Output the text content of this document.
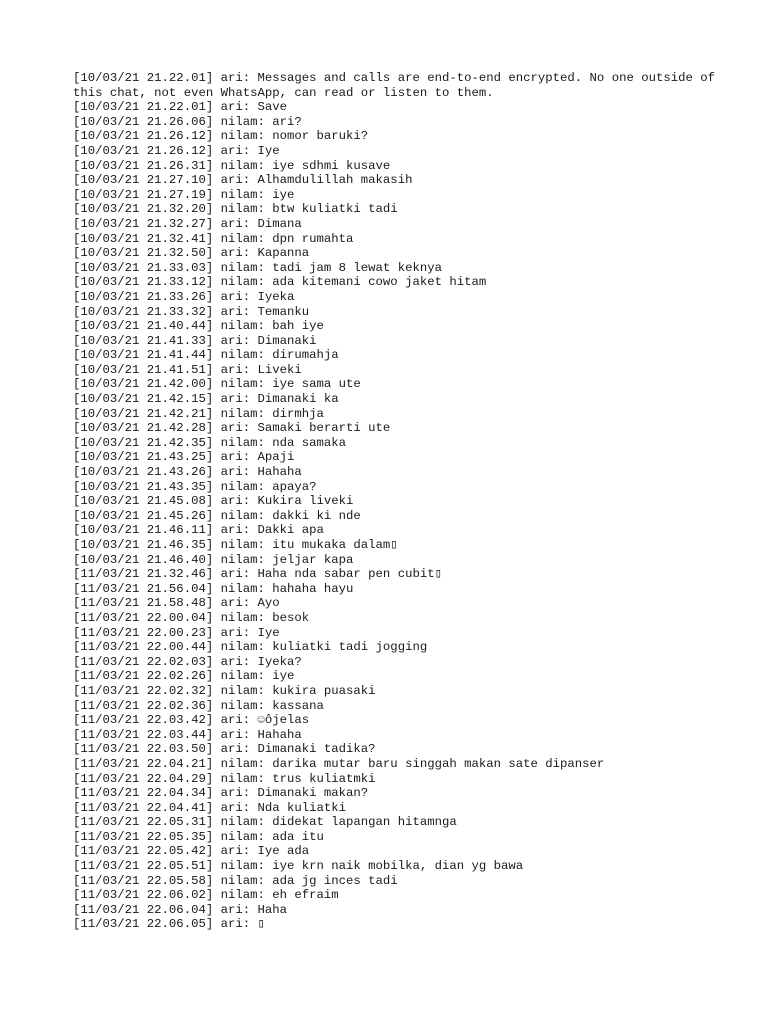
[10/03/21 21.22.01] ari: Messages and calls are end-to-end encrypted. No one outside of this chat, not even WhatsApp, can read or listen to them.
[10/03/21 21.22.01] ari: Save
[10/03/21 21.26.06] nilam: ari?
[10/03/21 21.26.12] nilam: nomor baruki?
[10/03/21 21.26.12] ari: Iye
[10/03/21 21.26.31] nilam: iye sdhmi kusave
[10/03/21 21.27.10] ari: Alhamdulillah makasih
[10/03/21 21.27.19] nilam: iye
[10/03/21 21.32.20] nilam: btw kuliatki tadi
[10/03/21 21.32.27] ari: Dimana
[10/03/21 21.32.41] nilam: dpn rumahta
[10/03/21 21.32.50] ari: Kapanna
[10/03/21 21.33.03] nilam: tadi jam 8 lewat keknya
[10/03/21 21.33.12] nilam: ada kitemani cowo jaket hitam
[10/03/21 21.33.26] ari: Iyeka
[10/03/21 21.33.32] ari: Temanku
[10/03/21 21.40.44] nilam: bah iye
[10/03/21 21.41.33] ari: Dimanaki
[10/03/21 21.41.44] nilam: dirumahja
[10/03/21 21.41.51] ari: Liveki
[10/03/21 21.42.00] nilam: iye sama ute
[10/03/21 21.42.15] ari: Dimanaki ka
[10/03/21 21.42.21] nilam: dirmhja
[10/03/21 21.42.28] ari: Samaki berarti ute
[10/03/21 21.42.35] nilam: nda samaka
[10/03/21 21.43.25] ari: Apaji
[10/03/21 21.43.26] ari: Hahaha
[10/03/21 21.43.35] nilam: apaya?
[10/03/21 21.45.08] ari: Kukira liveki
[10/03/21 21.45.26] nilam: dakki ki nde
[10/03/21 21.46.11] ari: Dakki apa
[10/03/21 21.46.35] nilam: itu mukaka dalam▯
[10/03/21 21.46.40] nilam: jeljar kapa
[11/03/21 21.32.46] ari: Haha nda sabar pen cubit▯
[11/03/21 21.56.04] nilam: hahaha hayu
[11/03/21 21.58.48] ari: Ayo
[11/03/21 22.00.04] nilam: besok
[11/03/21 22.00.23] ari: Iye
[11/03/21 22.00.44] nilam: kuliatki tadi jogging
[11/03/21 22.02.03] ari: Iyeka?
[11/03/21 22.02.26] nilam: iye
[11/03/21 22.02.32] nilam: kukira puasaki
[11/03/21 22.02.36] nilam: kassana
[11/03/21 22.03.42] ari: ☺ôjelas
[11/03/21 22.03.44] ari: Hahaha
[11/03/21 22.03.50] ari: Dimanaki tadika?
[11/03/21 22.04.21] nilam: darika mutar baru singgah makan sate dipanser
[11/03/21 22.04.29] nilam: trus kuliatmki
[11/03/21 22.04.34] ari: Dimanaki makan?
[11/03/21 22.04.41] ari: Nda kuliatki
[11/03/21 22.05.31] nilam: didekat lapangan hitamnga
[11/03/21 22.05.35] nilam: ada itu
[11/03/21 22.05.42] ari: Iye ada
[11/03/21 22.05.51] nilam: iye krn naik mobilka, dian yg bawa
[11/03/21 22.05.58] nilam: ada jg inces tadi
[11/03/21 22.06.02] nilam: eh efraim
[11/03/21 22.06.04] ari: Haha
[11/03/21 22.06.05] ari: ▯
